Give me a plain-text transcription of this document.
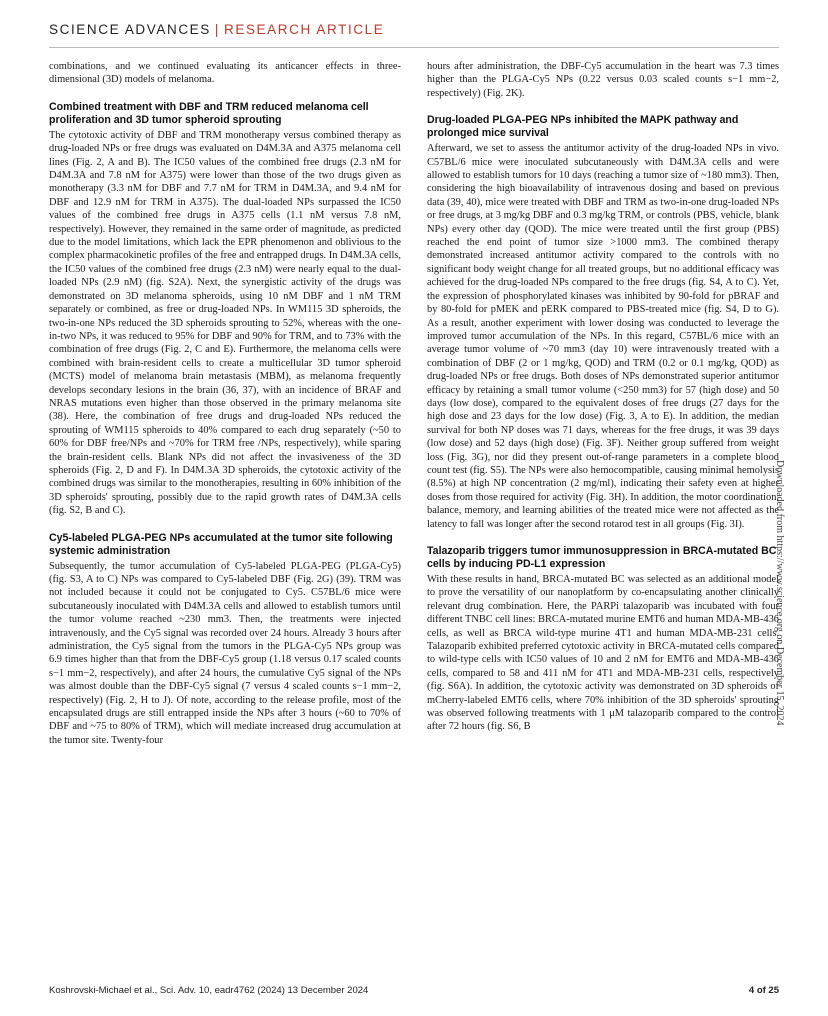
SCIENCE ADVANCES | RESEARCH ARTICLE

combinations, and we continued evaluating its anticancer effects in three-dimensional (3D) models of melanoma.

Combined treatment with DBF and TRM reduced melanoma cell proliferation and 3D tumor spheroid sprouting

The cytotoxic activity of DBF and TRM monotherapy versus combined therapy as drug-loaded NPs or free drugs was evaluated on D4M.3A and A375 melanoma cell lines (Fig. 2, A and B). The IC50 values of the combined free drugs (2.3 nM for D4M.3A and 7.8 nM for A375) were lower than those of the two drugs given as monotherapy (3.3 nM for DBF and 7.7 nM for TRM in D4M.3A, and 9.4 nM for DBF and 12.9 nM for TRM in A375). The dual-loaded NPs surpassed the IC50 values of the combined free drugs in A375 cells (1.1 nM versus 7.8 nM, respectively). However, they remained in the same order of magnitude, as predicted due to the model limitations, which lack the EPR phenomenon and oblivious to the complex pharmacokinetic profiles of the free and entrapped drugs. In D4M.3A cells, the IC50 values of the combined free drugs (2.3 nM) were nearly equal to the dual-loaded NPs (2.9 nM) (fig. S2A). Next, the synergistic activity of the drugs was demonstrated on 3D melanoma spheroids, using 10 nM DBF and 1 nM TRM separately or combined, as free or drug-loaded NPs. In WM115 3D spheroids, the two-in-one NPs reduced the 3D spheroids sprouting to 52%, whereas with the one-in-two NPs, it was reduced to 95% for DBF and 90% for TRM, and to 73% with the combination of free drugs (Fig. 2, C and E). Furthermore, the melanoma cells were combined with brain-resident cells to create a multicellular 3D tumor spheroid (MCTS) model of melanoma brain metastasis (MBM), as melanoma frequently develops secondary lesions in the brain (36, 37), with an incidence of BRAF and NRAS mutations even higher than those observed in the primary melanoma site (38). Here, the combination of free drugs and drug-loaded NPs reduced the sprouting of WM115 spheroids to 40% compared to each drug separately (~50 to 60% for DBF free/NPs and ~70% for TRM free /NPs, respectively), while sparing the brain-resident cells. Blank NPs did not affect the invasiveness of the 3D spheroids (Fig. 2, D and F). In D4M.3A 3D spheroids, the cytotoxic activity of the combined drugs was similar to the monotherapies, resulting in 60% inhibition of the 3D spheroids' sprouting, possibly due to the rapid growth rates of D4M.3A cells (fig. S2, B and C).

Cy5-labeled PLGA-PEG NPs accumulated at the tumor site following systemic administration

Subsequently, the tumor accumulation of Cy5-labeled PLGA-PEG (PLGA-Cy5) (fig. S3, A to C) NPs was compared to Cy5-labeled DBF (Fig. 2G) (39). TRM was not included because it could not be conjugated to Cy5. C57BL/6 mice were subcutaneously inoculated with D4M.3A cells and allowed to establish tumors until the tumor volume reached ~230 mm3. Then, the treatments were injected intravenously, and the Cy5 signal was recorded over 24 hours. Already 3 hours after administration, the Cy5 signal from the tumors in the PLGA-Cy5 NPs group was 6.9 times higher than that from the DBF-Cy5 group (1.18 versus 0.17 scaled counts s−1 mm−2, respectively), and after 24 hours, the cumulative Cy5 signal of the NPs was almost double than the DBF-Cy5 signal (7 versus 4 scaled counts s−1 mm−2, respectively) (Fig. 2, H to J). Of note, according to the release profile, most of the encapsulated drugs are still entrapped inside the NPs after 3 hours (~60 to 70% of DBF and ~75 to 80% of TRM), which will mediate increased drug accumulation at the tumor site. Twenty-four

hours after administration, the DBF-Cy5 accumulation in the heart was 7.3 times higher than the PLGA-Cy5 NPs (0.22 versus 0.03 scaled counts s−1 mm−2, respectively) (Fig. 2K).

Drug-loaded PLGA-PEG NPs inhibited the MAPK pathway and prolonged mice survival

Afterward, we set to assess the antitumor activity of the drug-loaded NPs in vivo. C57BL/6 mice were inoculated subcutaneously with D4M.3A cells and were allowed to establish tumors for 10 days (reaching a tumor size of ~180 mm3). Then, considering the high bioavailability of intravenous dosing and based on previous data (39, 40), mice were treated with DBF and TRM as two-in-one drug-loaded NPs or free drugs, at 3 mg/kg DBF and 0.3 mg/kg TRM, or controls (PBS, vehicle, blank NPs) every other day (QOD). The mice were treated until the first group (PBS) reached the end point of tumor size >1000 mm3. The combined therapy demonstrated increased antitumor activity compared to the controls with no significant body weight change for all treated groups, but no additional efficacy was achieved for the drug-loaded NPs compared to the free drugs (fig. S4, A to C). Yet, the expression of phosphorylated kinases was inhibited by 90-fold for pBRAF and by 80-fold for pMEK and pERK compared to PBS-treated mice (fig. S4, D to G). As a result, another experiment with lower dosing was conducted to leverage the improved tumor accumulation of the NPs. In this regard, C57BL/6 mice with an average tumor volume of ~70 mm3 (day 10) were intravenously treated with a combination of DBF (2 or 1 mg/kg, QOD) and TRM (0.2 or 0.1 mg/kg, QOD) as drug-loaded NPs or free drugs. Both doses of NPs demonstrated superior antitumor efficacy by retaining a small tumor volume (<250 mm3) for 57 (high dose) and 50 days (low dose), compared to the equivalent doses of free drugs (27 days for the high dose and 23 days for the low dose) (Fig. 3, A to E). In addition, the median survival for both NP doses was 71 days, whereas for the free drugs, it was 39 days (low dose) and 52 days (high dose) (Fig. 3F). Neither group suffered from weight loss (Fig. 3G), nor did they present out-of-range parameters in a complete blood count test (fig. S5). The NPs were also hemocompatible, causing minimal hemolysis (8.5%) at high NP concentration (2 mg/ml), indicating their safety even at higher doses from those required for activity (Fig. 3H). In addition, the motor coordination, balance, memory, and learning abilities of the treated mice were not affected as the latency to fall was longer after the second rotarod test in all groups (Fig. 3I).

Talazoparib triggers tumor immunosuppression in BRCA-mutated BC cells by inducing PD-L1 expression

With these results in hand, BRCA-mutated BC was selected as an additional model to prove the versatility of our nanoplatform by co-encapsulating another clinically relevant drug combination. Here, the PARPi talazoparib was incubated with four different TNBC cell lines: BRCA-mutated murine EMT6 and human MDA-MB-436 cells, as well as BRCA wild-type murine 4T1 and human MDA-MB-231 cells. Talazoparib exhibited preferred cytotoxic activity in BRCA-mutated cells compared to wild-type cells with IC50 values of 10 and 2 nM for EMT6 and MDA-MB-436 cells, compared to 58 and 411 nM for 4T1 and MDA-MB-231 cells, respectively (fig. S6A). In addition, the cytotoxic activity was demonstrated on 3D spheroids of mCherry-labeled EMT6 cells, where 70% inhibition of the 3D spheroids' sprouting was observed following treatments with 1 μM talazoparib compared to the control after 72 hours (fig. S6, B

Downloaded from https://www.science.org on December 15, 2024
Koshrovski-Michael et al., Sci. Adv. 10, eadr4762 (2024) 13 December 2024	4 of 25
